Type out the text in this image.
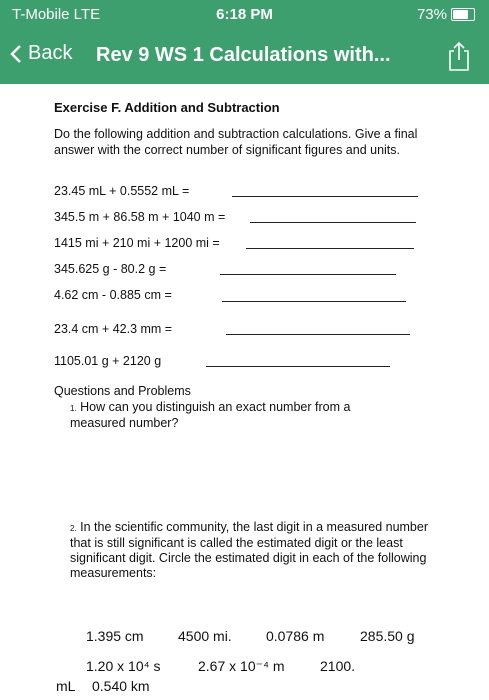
T-Mobile LTE	6:18 PM	73%
Back Rev 9 WS 1 Calculations with...
Exercise F. Addition and Subtraction
Do the following addition and subtraction calculations. Give a final answer with the correct number of significant figures and units.
23.45 mL + 0.5552 mL =
345.5 m + 86.58 m + 1040 m =
1415 mi + 210 mi + 1200 mi =
345.625 g - 80.2 g =
4.62 cm - 0.885 cm =
23.4 cm + 42.3 mm =
1105.01 g + 2120 g
Questions and Problems
1. How can you distinguish an exact number from a measured number?
2. In the scientific community, the last digit in a measured number that is still significant is called the estimated digit or the least significant digit. Circle the estimated digit in each of the following measurements:
1.395 cm 4500 mi. 0.0786 m	285.50 g
1.20 x 10⁴ s	2.67 x 10⁻⁴ m	2100.
mL 0.540 km
